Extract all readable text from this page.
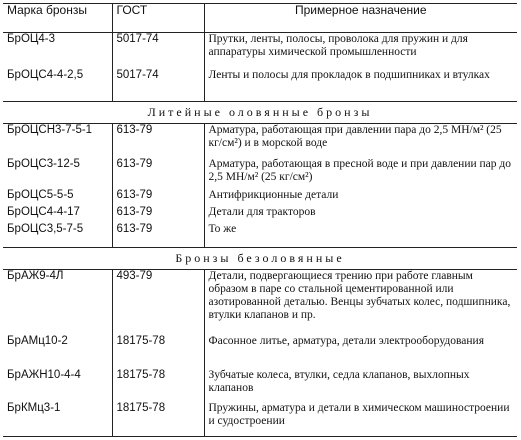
Марка бронзы	ГОСТ	Примерное назначение
БрОЦ4-3	5017-74	Прутки, ленты, полосы, проволока для пружин и для аппаратуры химической промышленности
БрОЦС4-4-2,5	5017-74	Ленты и полосы для прокладок в подшипниках и втулках
Литейные оловянные бронзы		
БрОЦСН3-7-5-1	613-79	Арматура, работающая при давлении пара до 2,5 МН/м² (25 кг/см²) и в морской воде
БрОЦС3-12-5	613-79	Арматура, работающая в пресной воде и при давлении пар до 2,5 МН/м² (25 кг/см²)
БрОЦС5-5-5	613-79	Антифрикционные детали
БрОЦС4-4-17	613-79	Детали для тракторов
БрОЦС3,5-7-5	613-79	То же
Бронзы безоловянные		
БрАЖ9-4Л	493-79	Детали, подвергающиеся трению при работе главным образом в паре со стальной цементированной или азотированной деталью. Венцы зубчатых колес, подшипника, втулки клапанов и пр.
БрАМц10-2	18175-78	Фасонное литье, арматура, детали электрооборудования
БрАЖН10-4-4	18175-78	Зубчатые колеса, втулки, седла клапанов, выхлопных клапанов
БрКМц3-1	18175-78	Пружины, арматура и детали в химическом машиностроении и судостроении
